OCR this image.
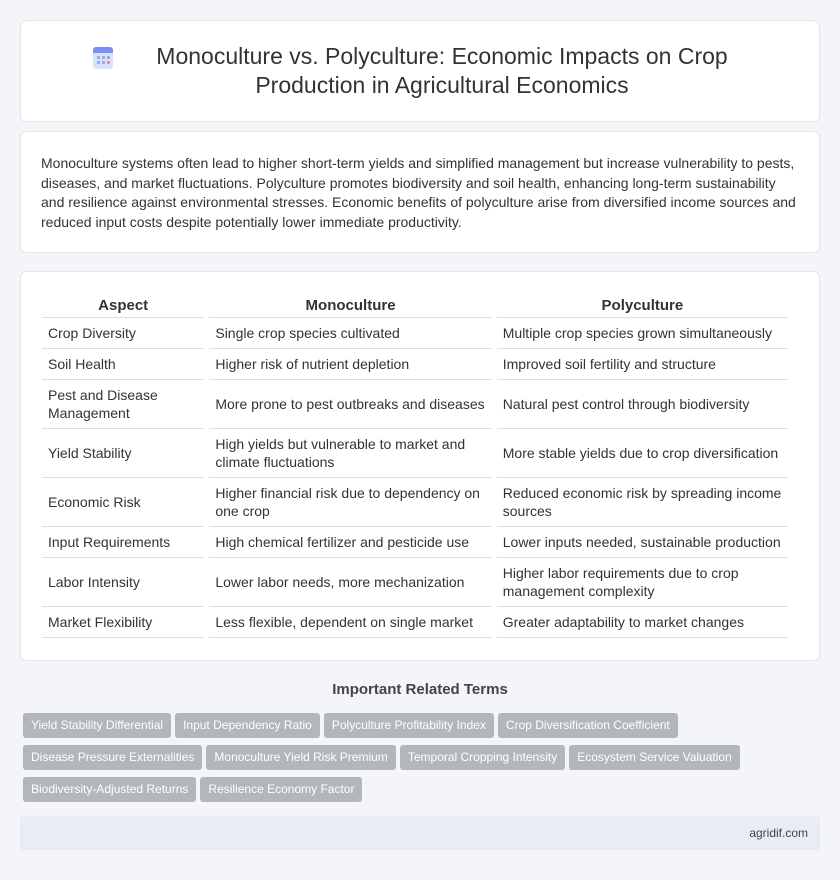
Monoculture vs. Polyculture: Economic Impacts on Crop Production in Agricultural Economics

Monoculture systems often lead to higher short-term yields and simplified management but increase vulnerability to pests, diseases, and market fluctuations. Polyculture promotes biodiversity and soil health, enhancing long-term sustainability and resilience against environmental stresses. Economic benefits of polyculture arise from diversified income sources and reduced input costs despite potentially lower immediate productivity.

Aspect	Monoculture	Polyculture
Crop Diversity	Single crop species cultivated	Multiple crop species grown simultaneously
Soil Health	Higher risk of nutrient depletion	Improved soil fertility and structure
Pest and Disease Management	More prone to pest outbreaks and diseases	Natural pest control through biodiversity
Yield Stability	High yields but vulnerable to market and climate fluctuations	More stable yields due to crop diversification
Economic Risk	Higher financial risk due to dependency on one crop	Reduced economic risk by spreading income sources
Input Requirements	High chemical fertilizer and pesticide use	Lower inputs needed, sustainable production
Labor Intensity	Lower labor needs, more mechanization	Higher labor requirements due to crop management complexity
Market Flexibility	Less flexible, dependent on single market	Greater adaptability to market changes
Important Related Terms
Yield Stability Differential Input Dependency Ratio Polyculture Profitability Index Crop Diversification Coefficient
Disease Pressure Externalities Monoculture Yield Risk Premium Temporal Cropping Intensity Ecosystem Service Valuation
Biodiversity-Adjusted Returns Resilience Economy Factor
agridif.com
